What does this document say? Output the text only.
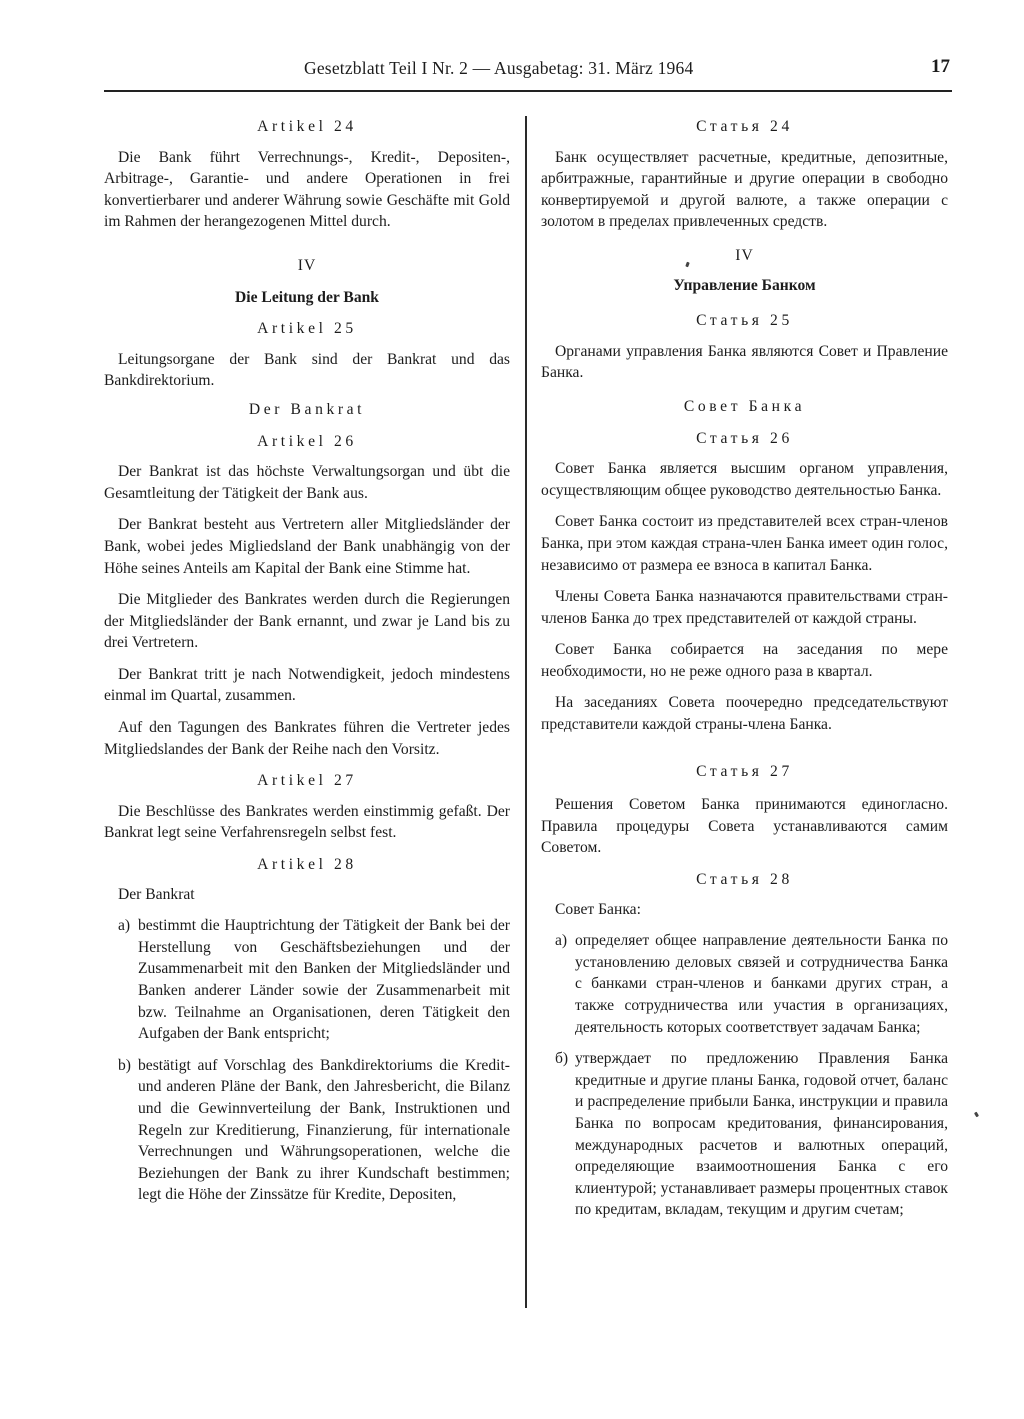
Gesetzblatt Teil I Nr. 2 — Ausgabetag: 31. März 1964	17

Artikel 24

Die Bank führt Verrechnungs-, Kredit-, Depositen-, Arbitrage-, Garantie- und andere Operationen in frei konvertierbarer und anderer Währung sowie Geschäfte mit Gold im Rahmen der herangezogenen Mittel durch.

IV

Die Leitung der Bank

Artikel 25

Leitungsorgane der Bank sind der Bankrat und das Bankdirektorium.

Der Bankrat

Artikel 26

Der Bankrat ist das höchste Verwaltungsorgan und übt die Gesamtleitung der Tätigkeit der Bank aus.

Der Bankrat besteht aus Vertretern aller Mitgliedsländer der Bank, wobei jedes Migliedsland der Bank unabhängig von der Höhe seines Anteils am Kapital der Bank eine Stimme hat.

Die Mitglieder des Bankrates werden durch die Regierungen der Mitgliedsländer der Bank ernannt, und zwar je Land bis zu drei Vertretern.

Der Bankrat tritt je nach Notwendigkeit, jedoch mindestens einmal im Quartal, zusammen.

Auf den Tagungen des Bankrates führen die Vertreter jedes Mitgliedslandes der Bank der Reihe nach den Vorsitz.

Artikel 27

Die Beschlüsse des Bankrates werden einstimmig gefaßt. Der Bankrat legt seine Verfahrensregeln selbst fest.

Artikel 28

Der Bankrat

a) bestimmt die Hauptrichtung der Tätigkeit der Bank bei der Herstellung von Geschäftsbeziehungen und der Zusammenarbeit mit den Banken der Mitgliedsländer und Banken anderer Länder sowie der Zusammenarbeit mit bzw. Teilnahme an Organisationen, deren Tätigkeit den Aufgaben der Bank entspricht;
b) bestätigt auf Vorschlag des Bankdirektoriums die Kredit- und anderen Pläne der Bank, den Jahresbericht, die Bilanz und die Gewinnverteilung der Bank, Instruktionen und Regeln zur Kreditierung, Finanzierung, für internationale Verrechnungen und Währungsoperationen, welche die Beziehungen der Bank zu ihrer Kundschaft bestimmen; legt die Höhe der Zinssätze für Kredite, Depositen,

Статья 24

Банк осуществляет расчетные, кредитные, депозитные, арбитражные, гарантийные и другие операции в свободно конвертируемой и другой валюте, а также операции с золотом в пределах привлеченных средств.

IV

Управление Банком

Статья 25

Органами управления Банка являются Совет и Правление Банка.

Совет Банка

Статья 26

Совет Банка является высшим органом управления, осуществляющим общее руководство деятельностью Банка.

Совет Банка состоит из представителей всех стран-членов Банка, при этом каждая страна-член Банка имеет один голос, независимо от размера ее взноса в капитал Банка.

Члены Совета Банка назначаются правительствами стран-членов Банка до трех представителей от каждой страны.

Совет Банка собирается на заседания по мере необходимости, но не реже одного раза в квартал.

На заседаниях Совета поочередно председательствуют представители каждой страны-члена Банка.

Статья 27

Решения Советом Банка принимаются единогласно. Правила процедуры Совета устанавливаются самим Советом.

Статья 28

Совет Банка:

а) определяет общее направление деятельности Банка по установлению деловых связей и сотрудничества Банка с банками стран-членов и банками других стран, а также сотрудничества или участия в организациях, деятельность которых соответствует задачам Банка;
б) утверждает по предложению Правления Банка кредитные и другие планы Банка, годовой отчет, баланс и распределение прибыли Банка, инструкции и правила Банка по вопросам кредитования, финансирования, международных расчетов и валютных операций, определяющие взаимоотношения Банка с его клиентурой; устанавливает размеры процентных ставок по кредитам, вкладам, текущим и другим счетам;
